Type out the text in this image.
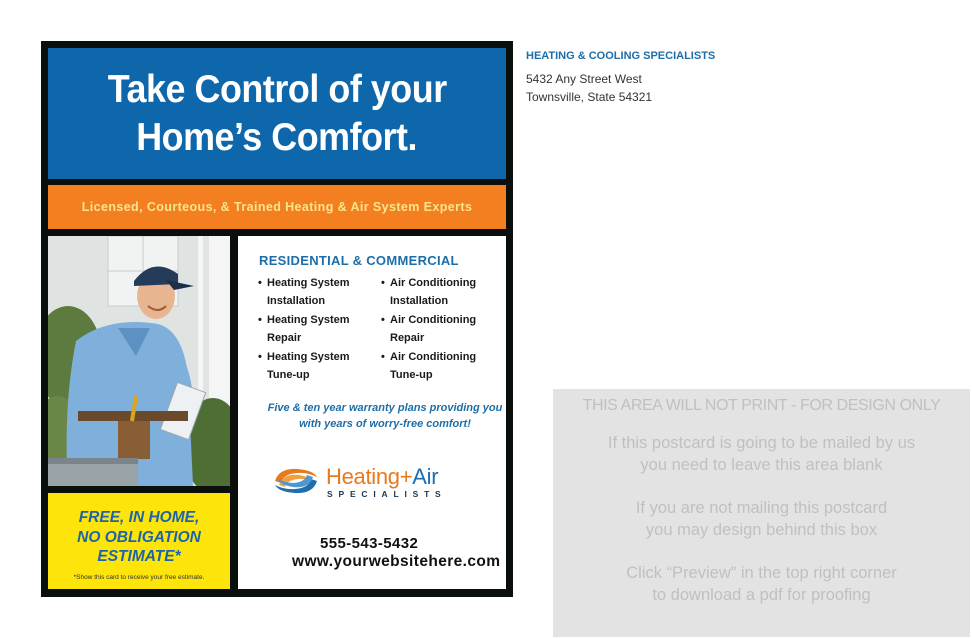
Take Control of your
Home’s Comfort.
Licensed, Courteous, & Trained Heating & Air System Experts
FREE, IN HOME,
NO OBLIGATION
ESTIMATE*
*Show this card to receive your free estimate.
RESIDENTIAL & COMMERCIAL
• Heating System Installation
• Heating System Repair
• Heating System Tune-up
• Air Conditioning Installation
• Air Conditioning Repair
• Air Conditioning Tune-up
Five & ten year warranty plans providing you with years of worry-free comfort!
Heating+Air
SPECIALISTS
555-543-5432
www.yourwebsitehere.com
HEATING & COOLING SPECIALISTS
5432 Any Street West
Townsville, State 54321
THIS AREA WILL NOT PRINT - FOR DESIGN ONLY
If this postcard is going to be mailed by us
you need to leave this area blank
If you are not mailing this postcard
you may design behind this box
Click “Preview” in the top right corner
to download a pdf for proofing
